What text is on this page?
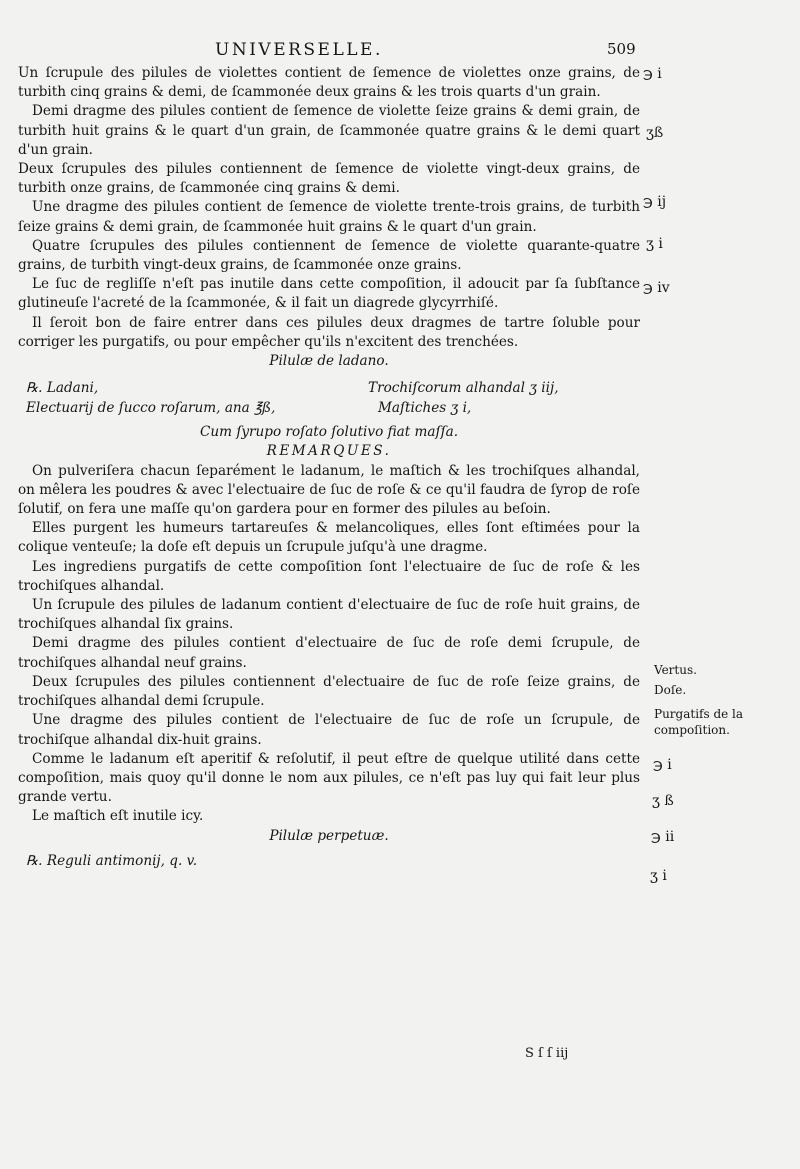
UNIVERSELLE.	509

Un ſcrupule des pilules de violettes contient de ſemence de violettes onze grains, de turbith cinq grains & demi, de ſcammonée deux grains & les trois quarts d'un grain.

Demi dragme des pilules contient de ſemence de violette ſeize grains & demi grain, de turbith huit grains & le quart d'un grain, de ſcammonée quatre grains & le demi quart d'un grain.

Deux ſcrupules des pilules contiennent de ſemence de violette vingt-deux grains, de turbith onze grains, de ſcammonée cinq grains & demi.

Une dragme des pilules contient de ſemence de violette trente-trois grains, de turbith ſeize grains & demi grain, de ſcammonée huit grains & le quart d'un grain.

Quatre ſcrupules des pilules contiennent de ſemence de violette quarante-quatre grains, de turbith vingt-deux grains, de ſcammonée onze grains.

Le ſuc de regliſſe n'eſt pas inutile dans cette compoſition, il adoucit par ſa ſubſtance glutineuſe l'acreté de la ſcammonée, & il fait un diagrede glycyrrhiſé.

Il ſeroit bon de faire entrer dans ces pilules deux dragmes de tartre ſoluble pour corriger les purgatifs, ou pour empêcher qu'ils n'excitent des trenchées.

Pilulæ de ladano.

℞. Ladani,
Electuarij de ſucco roſarum, ana ℥ß,
Trochiſcorum alhandal ʒ iij,
Maſtiches ʒ i,

Cum ſyrupo roſato ſolutivo fiat maſſa.

REMARQUES.

On pulveriſera chacun ſeparément le ladanum, le maſtich & les trochiſques alhandal, on mêlera les poudres & avec l'electuaire de ſuc de roſe & ce qu'il faudra de ſyrop de roſe ſolutif, on fera une maſſe qu'on gardera pour en former des pilules au beſoin.

Elles purgent les humeurs tartareuſes & melancoliques, elles ſont eſtimées pour la colique venteuſe; la doſe eſt depuis un ſcrupule juſqu'à une dragme.

Les ingrediens purgatifs de cette compoſition ſont l'electuaire de ſuc de roſe & les trochiſques alhandal.

Un ſcrupule des pilules de ladanum contient d'electuaire de ſuc de roſe huit grains, de trochiſques alhandal ſix grains.

Demi dragme des pilules contient d'electuaire de ſuc de roſe demi ſcrupule, de trochiſques alhandal neuf grains.

Deux ſcrupules des pilules contiennent d'electuaire de ſuc de roſe ſeize grains, de trochiſques alhandal demi ſcrupule.

Une dragme des pilules contient de l'electuaire de ſuc de roſe un ſcrupule, de trochiſque alhandal dix-huit grains.

Comme le ladanum eſt aperitif & reſolutif, il peut eſtre de quelque utilité dans cette compoſition, mais quoy qu'il donne le nom aux pilules, ce n'eſt pas luy qui fait leur plus grande vertu.

Le maſtich eſt inutile icy.

Pilulæ perpetuæ.

℞. Reguli antimonij, q. v.

℈ i
ʒß
℈ ij
ʒ i
℈ iv
Vertus.
Doſe.
Purgatifs de la compoſition.
℈ i
ʒ ß
℈ ii
ʒ i
S ſ ſ iij
